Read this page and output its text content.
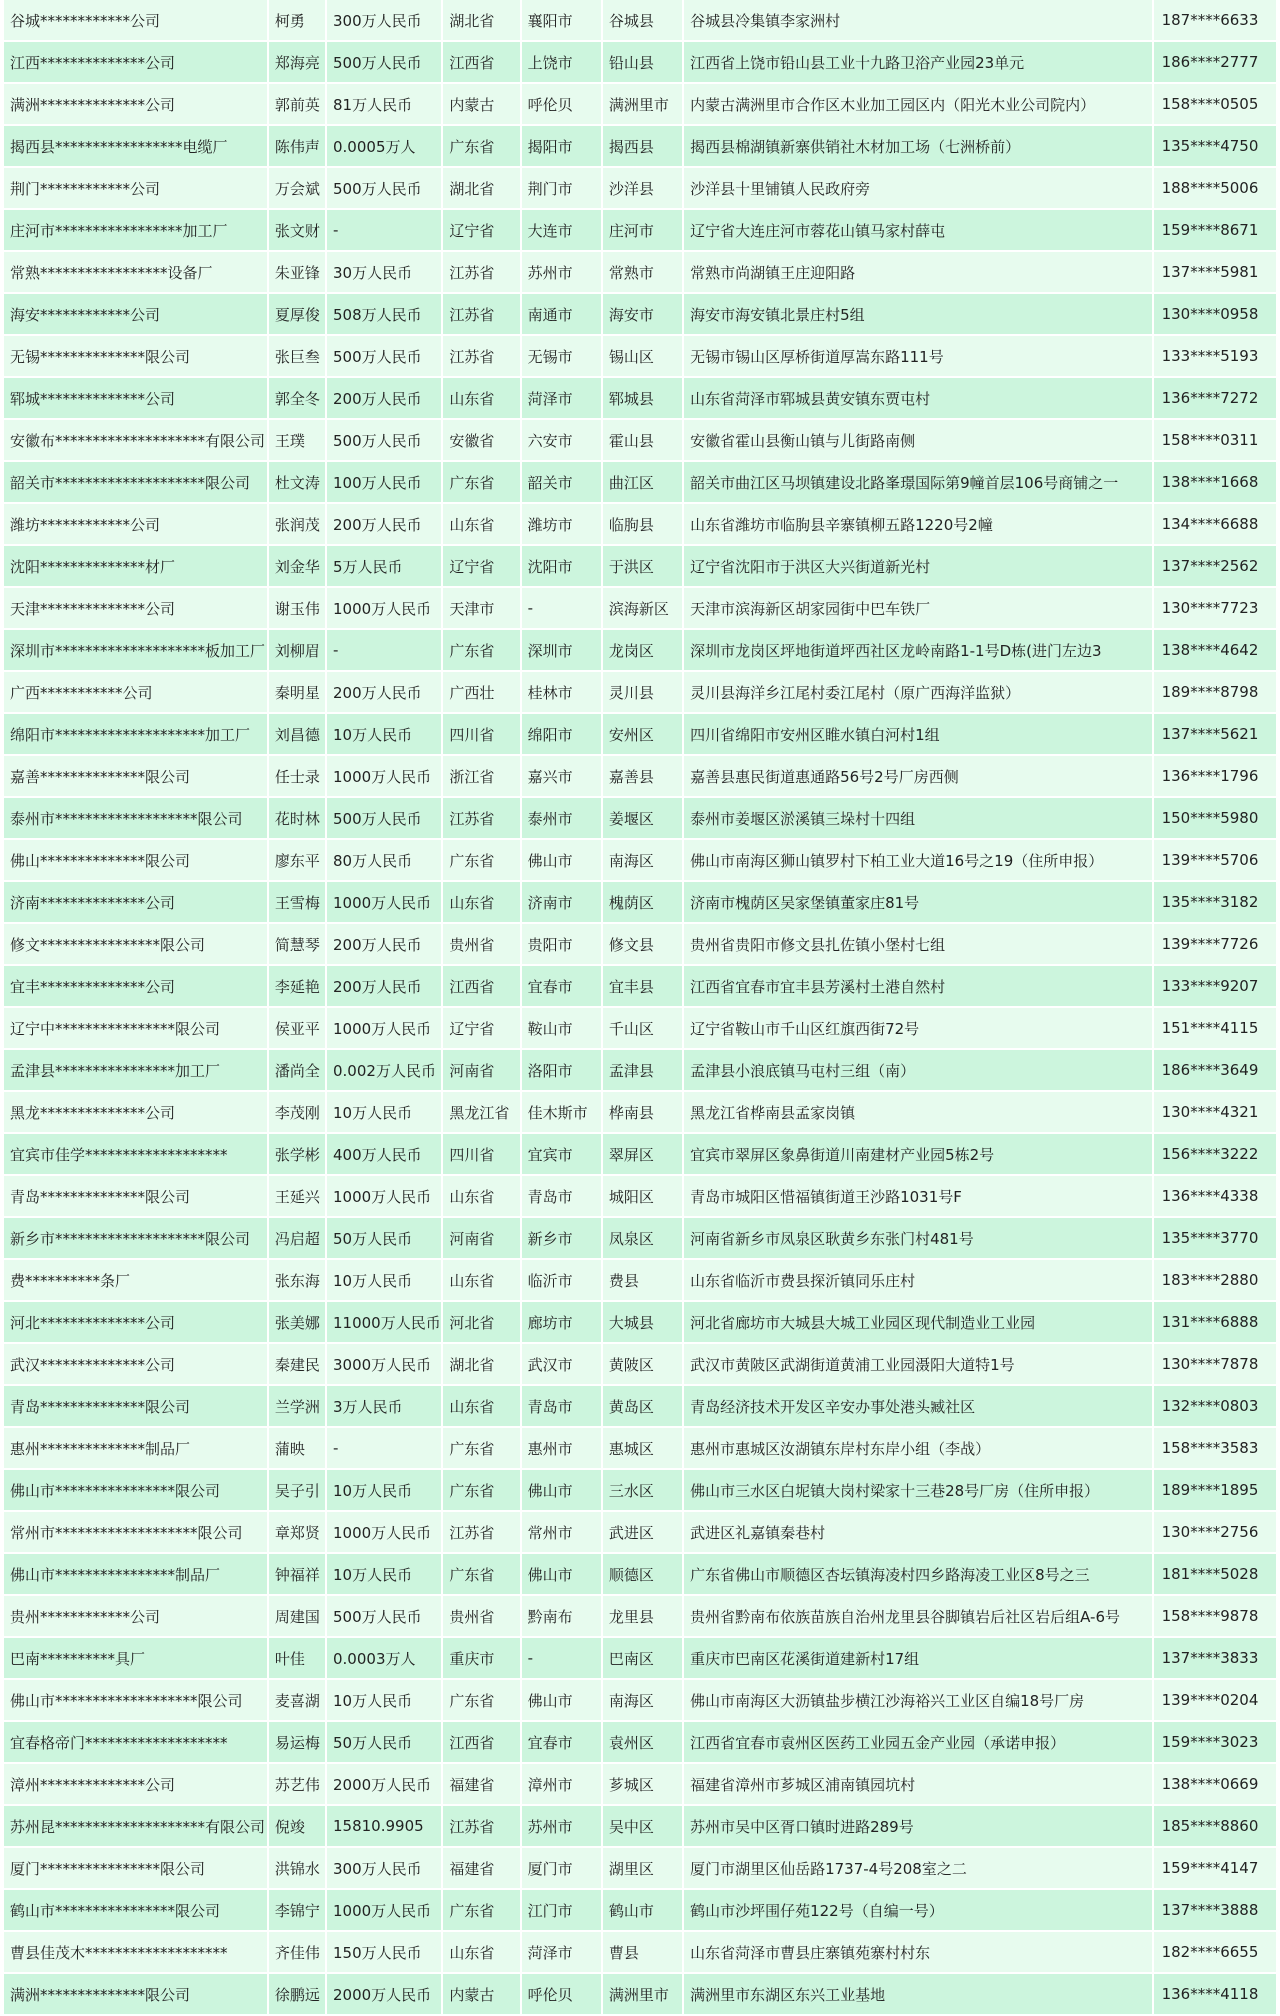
谷城************公司	柯勇	300万人民币	湖北省	襄阳市	谷城县	谷城县冷集镇李家洲村	187****6633
江西**************公司	郑海亮	500万人民币	江西省	上饶市	铅山县	江西省上饶市铅山县工业十九路卫浴产业园23单元	186****2777
满洲**************公司	郭前英	81万人民币	内蒙古	呼伦贝	满洲里市	内蒙古满洲里市合作区木业加工园区内（阳光木业公司院内）	158****0505
揭西县*****************电缆厂	陈伟声	0.0005万人	广东省	揭阳市	揭西县	揭西县棉湖镇新寨供销社木材加工场（七洲桥前）	135****4750
荆门************公司	万会斌	500万人民币	湖北省	荆门市	沙洋县	沙洋县十里铺镇人民政府旁	188****5006
庄河市*****************加工厂	张文财	-	辽宁省	大连市	庄河市	辽宁省大连庄河市蓉花山镇马家村薛屯	159****8671
常熟*****************设备厂	朱亚锋	30万人民币	江苏省	苏州市	常熟市	常熟市尚湖镇王庄迎阳路	137****5981
海安************公司	夏厚俊	508万人民币	江苏省	南通市	海安市	海安市海安镇北景庄村5组	130****0958
无锡**************限公司	张巨叁	500万人民币	江苏省	无锡市	锡山区	无锡市锡山区厚桥街道厚嵩东路111号	133****5193
郓城**************公司	郭全冬	200万人民币	山东省	菏泽市	郓城县	山东省菏泽市郓城县黄安镇东贾屯村	136****7272
安徽布********************有限公司	王璞	500万人民币	安徽省	六安市	霍山县	安徽省霍山县衡山镇与儿街路南侧	158****0311
韶关市********************限公司	杜文涛	100万人民币	广东省	韶关市	曲江区	韶关市曲江区马坝镇建设北路峯璟国际第9幢首层106号商铺之一	138****1668
潍坊************公司	张润茂	200万人民币	山东省	潍坊市	临朐县	山东省潍坊市临朐县辛寨镇柳五路1220号2幢	134****6688
沈阳**************材厂	刘金华	5万人民币	辽宁省	沈阳市	于洪区	辽宁省沈阳市于洪区大兴街道新光村	137****2562
天津**************公司	谢玉伟	1000万人民币	天津市	-	滨海新区	天津市滨海新区胡家园街中巴车铁厂	130****7723
深圳市********************板加工厂	刘柳眉	-	广东省	深圳市	龙岗区	深圳市龙岗区坪地街道坪西社区龙岭南路1-1号D栋(进门左边3	138****4642
广西***********公司	秦明星	200万人民币	广西壮	桂林市	灵川县	灵川县海洋乡江尾村委江尾村（原广西海洋监狱）	189****8798
绵阳市********************加工厂	刘昌德	10万人民币	四川省	绵阳市	安州区	四川省绵阳市安州区睢水镇白河村1组	137****5621
嘉善**************限公司	任士录	1000万人民币	浙江省	嘉兴市	嘉善县	嘉善县惠民街道惠通路56号2号厂房西侧	136****1796
泰州市*******************限公司	花时林	500万人民币	江苏省	泰州市	姜堰区	泰州市姜堰区淤溪镇三垛村十四组	150****5980
佛山**************限公司	廖东平	80万人民币	广东省	佛山市	南海区	佛山市南海区狮山镇罗村下柏工业大道16号之19（住所申报）	139****5706
济南**************公司	王雪梅	1000万人民币	山东省	济南市	槐荫区	济南市槐荫区吴家堡镇董家庄81号	135****3182
修文****************限公司	简慧琴	200万人民币	贵州省	贵阳市	修文县	贵州省贵阳市修文县扎佐镇小堡村七组	139****7726
宜丰**************公司	李延艳	200万人民币	江西省	宜春市	宜丰县	江西省宜春市宜丰县芳溪村土港自然村	133****9207
辽宁中****************限公司	侯亚平	1000万人民币	辽宁省	鞍山市	千山区	辽宁省鞍山市千山区红旗西街72号	151****4115
孟津县****************加工厂	潘尚全	0.002万人民币	河南省	洛阳市	孟津县	孟津县小浪底镇马屯村三组（南）	186****3649
黑龙**************公司	李茂刚	10万人民币	黑龙江省	佳木斯市	桦南县	黑龙江省桦南县孟家岗镇	130****4321
宜宾市佳学*******************	张学彬	400万人民币	四川省	宜宾市	翠屏区	宜宾市翠屏区象鼻街道川南建材产业园5栋2号	156****3222
青岛**************限公司	王延兴	1000万人民币	山东省	青岛市	城阳区	青岛市城阳区惜福镇街道王沙路1031号F	136****4338
新乡市********************限公司	冯启超	50万人民币	河南省	新乡市	凤泉区	河南省新乡市凤泉区耿黄乡东张门村481号	135****3770
费**********条厂	张东海	10万人民币	山东省	临沂市	费县	山东省临沂市费县探沂镇同乐庄村	183****2880
河北**************公司	张美娜	11000万人民币	河北省	廊坊市	大城县	河北省廊坊市大城县大城工业园区现代制造业工业园	131****6888
武汉**************公司	秦建民	3000万人民币	湖北省	武汉市	黄陂区	武汉市黄陂区武湖街道黄浦工业园滠阳大道特1号	130****7878
青岛**************限公司	兰学洲	3万人民币	山东省	青岛市	黄岛区	青岛经济技术开发区辛安办事处港头臧社区	132****0803
惠州**************制品厂	蒲映	-	广东省	惠州市	惠城区	惠州市惠城区汝湖镇东岸村东岸小组（李战）	158****3583
佛山市****************限公司	吴子引	10万人民币	广东省	佛山市	三水区	佛山市三水区白坭镇大岗村梁家十三巷28号厂房（住所申报）	189****1895
常州市*******************限公司	章郑贤	1000万人民币	江苏省	常州市	武进区	武进区礼嘉镇秦巷村	130****2756
佛山市****************制品厂	钟福祥	10万人民币	广东省	佛山市	顺德区	广东省佛山市顺德区杏坛镇海凌村四乡路海凌工业区8号之三	181****5028
贵州************公司	周建国	500万人民币	贵州省	黔南布	龙里县	贵州省黔南布依族苗族自治州龙里县谷脚镇岩后社区岩后组A-6号	158****9878
巴南**********具厂	叶佳	0.0003万人	重庆市	-	巴南区	重庆市巴南区花溪街道建新村17组	137****3833
佛山市*******************限公司	麦喜湖	10万人民币	广东省	佛山市	南海区	佛山市南海区大沥镇盐步横江沙海裕兴工业区自编18号厂房	139****0204
宜春格帝门*******************	易运梅	50万人民币	江西省	宜春市	袁州区	江西省宜春市袁州区医药工业园五金产业园（承诺申报）	159****3023
漳州**************公司	苏艺伟	2000万人民币	福建省	漳州市	芗城区	福建省漳州市芗城区浦南镇园坑村	138****0669
苏州昆********************有限公司	倪竣	15810.9905	江苏省	苏州市	吴中区	苏州市吴中区胥口镇时进路289号	185****8860
厦门****************限公司	洪锦水	300万人民币	福建省	厦门市	湖里区	厦门市湖里区仙岳路1737-4号208室之二	159****4147
鹤山市****************限公司	李锦宁	1000万人民币	广东省	江门市	鹤山市	鹤山市沙坪围仔苑122号（自编一号）	137****3888
曹县佳茂木*******************	齐佳伟	150万人民币	山东省	菏泽市	曹县	山东省菏泽市曹县庄寨镇苑寨村村东	182****6655
满洲**************限公司	徐鹏远	2000万人民币	内蒙古	呼伦贝	满洲里市	满洲里市东湖区东兴工业基地	136****4118
